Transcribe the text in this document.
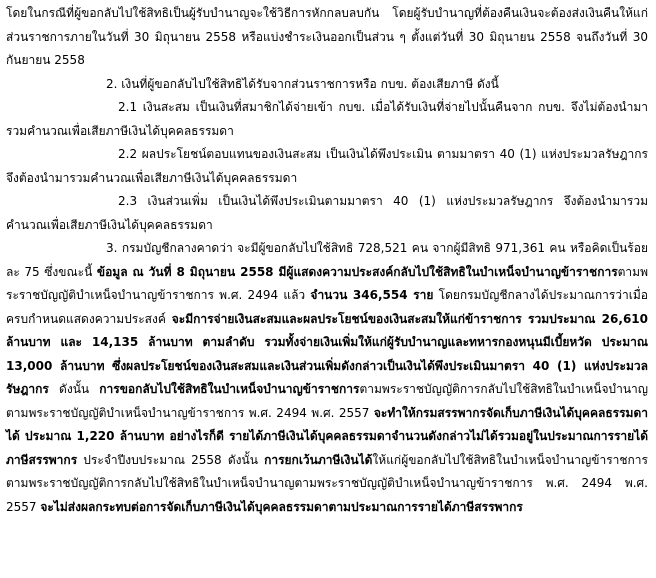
โดยในกรณีที่ผู้ขอกลับไปใช้สิทธิเป็นผู้รับบำนาญจะใช้วิธีการหักกลบลบกัน โดยผู้รับบำนาญที่ต้องคืนเงินจะต้องส่งเงินคืนให้แก่ส่วนราชการภายในวันที่ 30 มิถุนายน 2558 หรือแบ่งชำระเงินออกเป็นส่วน ๆ ตั้งแต่วันที่ 30 มิถุนายน 2558 จนถึงวันที่ 30 กันยายน 2558

2. เงินที่ผู้ขอกลับไปใช้สิทธิได้รับจากส่วนราชการหรือ กบข. ต้องเสียภาษี ดังนี้

2.1 เงินสะสม เป็นเงินที่สมาชิกได้จ่ายเข้า กบข. เมื่อได้รับเงินที่จ่ายไปนั้นคืนจาก กบข. จึงไม่ต้องนำมารวมคำนวณเพื่อเสียภาษีเงินได้บุคคลธรรมดา

2.2 ผลประโยชน์ตอบแทนของเงินสะสม เป็นเงินได้พึงประเมิน ตามมาตรา 40 (1) แห่งประมวลรัษฎากร จึงต้องนำมารวมคำนวณเพื่อเสียภาษีเงินได้บุคคลธรรมดา

2.3 เงินส่วนเพิ่ม เป็นเงินได้พึงประเมินตามมาตรา 40 (1) แห่งประมวลรัษฎากร จึงต้องนำมารวมคำนวณเพื่อเสียภาษีเงินได้บุคคลธรรมดา

3. กรมบัญชีกลางคาดว่า จะมีผู้ขอกลับไปใช้สิทธิ 728,521 คน จากผู้มีสิทธิ 971,361 คน หรือคิดเป็นร้อยละ 75 ซึ่งขณะนี้ ข้อมูล ณ วันที่ 8 มิถุนายน 2558 มีผู้แสดงความประสงค์กลับไปใช้สิทธิในบำเหน็จบำนาญข้าราชการตามพระราชบัญญัติบำเหน็จบำนาญข้าราชการ พ.ศ. 2494 แล้ว จำนวน 346,554 ราย โดยกรมบัญชีกลางได้ประมาณการว่าเมื่อครบกำหนดแสดงความประสงค์ จะมีการจ่ายเงินสะสมและผลประโยชน์ของเงินสะสมให้แก่ข้าราชการ รวมประมาณ 26,610 ล้านบาท และ 14,135 ล้านบาท ตามลำดับ รวมทั้งจ่ายเงินเพิ่มให้แก่ผู้รับบำนาญและทหารกองหนุนมีเบี้ยหวัด ประมาณ 13,000 ล้านบาท ซึ่งผลประโยชน์ของเงินสะสมและเงินส่วนเพิ่มดังกล่าวเป็นเงินได้พึงประเมินมาตรา 40 (1) แห่งประมวลรัษฎากร ดังนั้น การขอกลับไปใช้สิทธิในบำเหน็จบำนาญข้าราชการตามพระราชบัญญัติการกลับไปใช้สิทธิในบำเหน็จบำนาญตามพระราชบัญญัติบำเหน็จบำนาญข้าราชการ พ.ศ. 2494 พ.ศ. 2557 จะทำให้กรมสรรพากรจัดเก็บภาษีเงินได้บุคคลธรรมดาได้ ประมาณ 1,220 ล้านบาท อย่างไรก็ดี รายได้ภาษีเงินได้บุคคลธรรมดาจำนวนดังกล่าวไม่ได้รวมอยู่ในประมาณการรายได้ภาษีสรรพากร ประจำปีงบประมาณ 2558 ดังนั้น การยกเว้นภาษีเงินได้ให้แก่ผู้ขอกลับไปใช้สิทธิในบำเหน็จบำนาญข้าราชการตามพระราชบัญญัติการกลับไปใช้สิทธิในบำเหน็จบำนาญตามพระราชบัญญัติบำเหน็จบำนาญข้าราชการ พ.ศ. 2494 พ.ศ. 2557 จะไม่ส่งผลกระทบต่อการจัดเก็บภาษีเงินได้บุคคลธรรมดาตามประมาณการรายได้ภาษีสรรพากร
